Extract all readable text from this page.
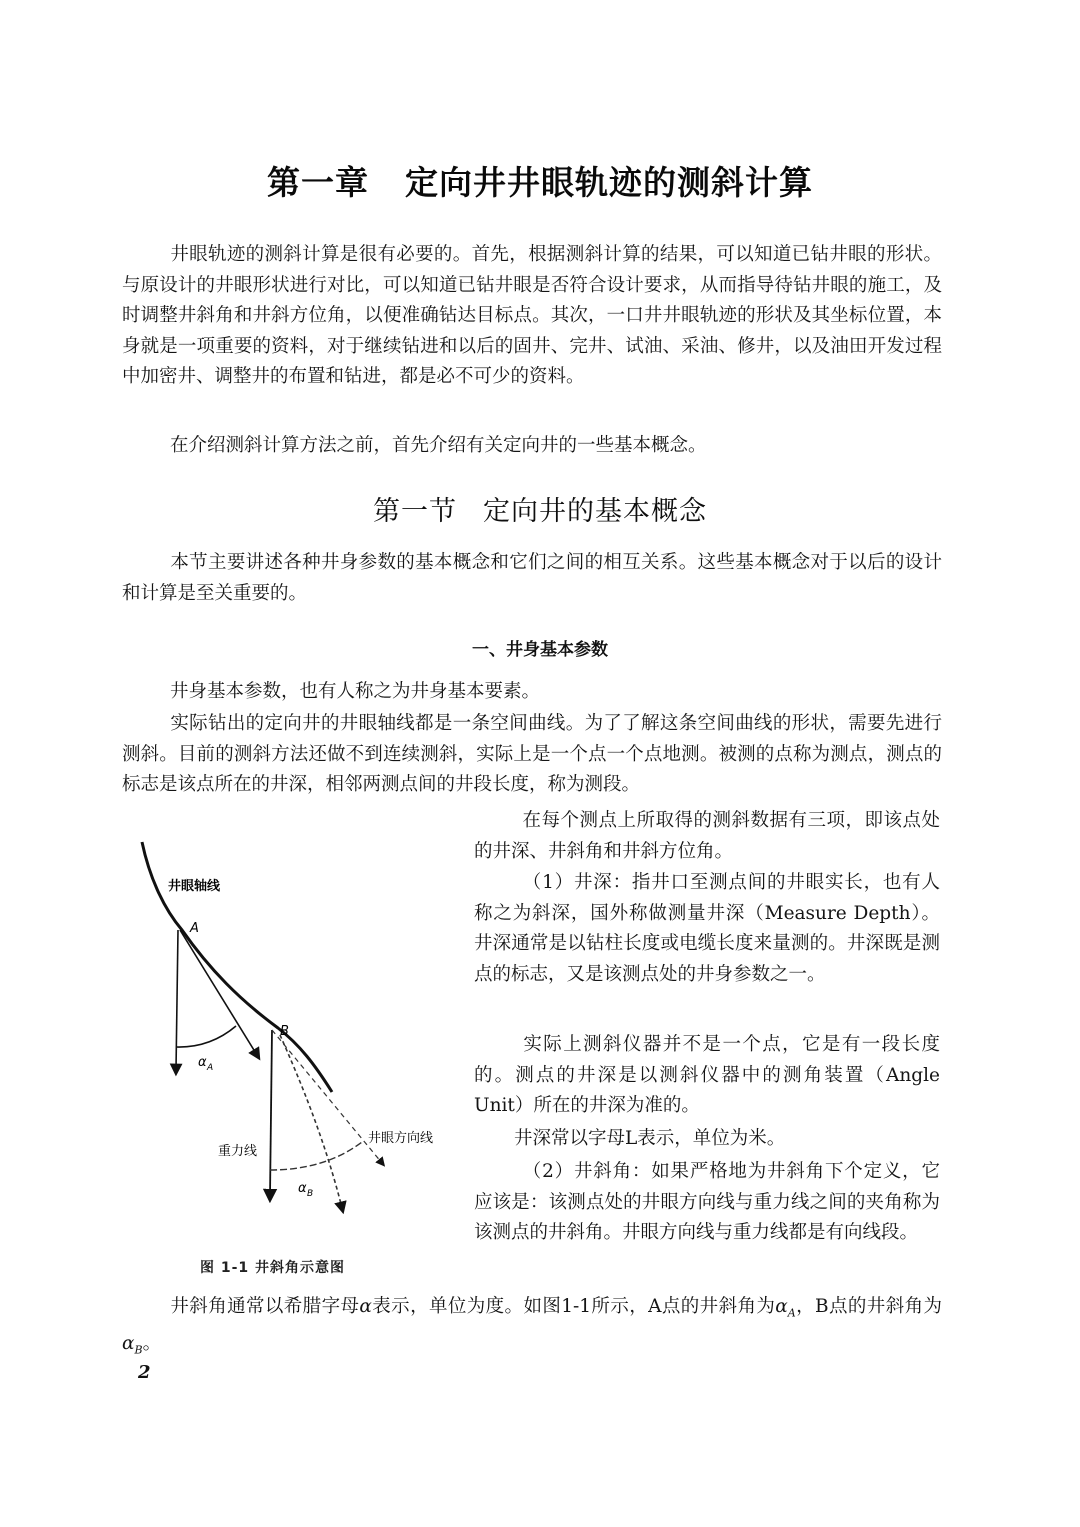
第一章 定向井井眼轨迹的测斜计算
井眼轨迹的测斜计算是很有必要的。首先，根据测斜计算的结果，可以知道已钻井眼的形状。与原设计的井眼形状进行对比，可以知道已钻井眼是否符合设计要求，从而指导待钻井眼的施工，及时调整井斜角和井斜方位角，以便准确钻达目标点。其次，一口井井眼轨迹的形状及其坐标位置，本身就是一项重要的资料，对于继续钻进和以后的固井、完井、试油、采油、修井，以及油田开发过程中加密井、调整井的布置和钻进，都是必不可少的资料。
在介绍测斜计算方法之前，首先介绍有关定向井的一些基本概念。
第一节 定向井的基本概念
本节主要讲述各种井身参数的基本概念和它们之间的相互关系。这些基本概念对于以后的设计和计算是至关重要的。
一、井身基本参数
井身基本参数，也有人称之为井身基本要素。
实际钻出的定向井的井眼轴线都是一条空间曲线。为了了解这条空间曲线的形状，需要先进行测斜。目前的测斜方法还做不到连续测斜，实际上是一个点一个点地测。被测的点称为测点，测点的标志是该点所在的井深，相邻两测点间的井段长度，称为测段。
在每个测点上所取得的测斜数据有三项，即该点处的井深、井斜角和井斜方位角。
（1）井深：指井口至测点间的井眼实长，也有人称之为斜深，国外称做测量井深（Measure Depth）。井深通常是以钻柱长度或电缆长度来量测的。井深既是测点的标志，又是该测点处的井身参数之一。
实际上测斜仪器并不是一个点，它是有一段长度的。测点的井深是以测斜仪器中的测角装置（Angle Unit）所在的井深为准的。
井深常以字母L表示，单位为米。
（2）井斜角：如果严格地为井斜角下个定义，它应该是：该测点处的井眼方向线与重力线之间的夹角称为该测点的井斜角。井眼方向线与重力线都是有向线段。
井眼轴线
A
B
α A
重力线
井眼方向线
α B
图 1-1 井斜角示意图
井斜角通常以希腊字母α表示，单位为度。如图1-1所示，A点的井斜角为$\alpha_A$，B点的井斜角为$\alpha_B$。
2
